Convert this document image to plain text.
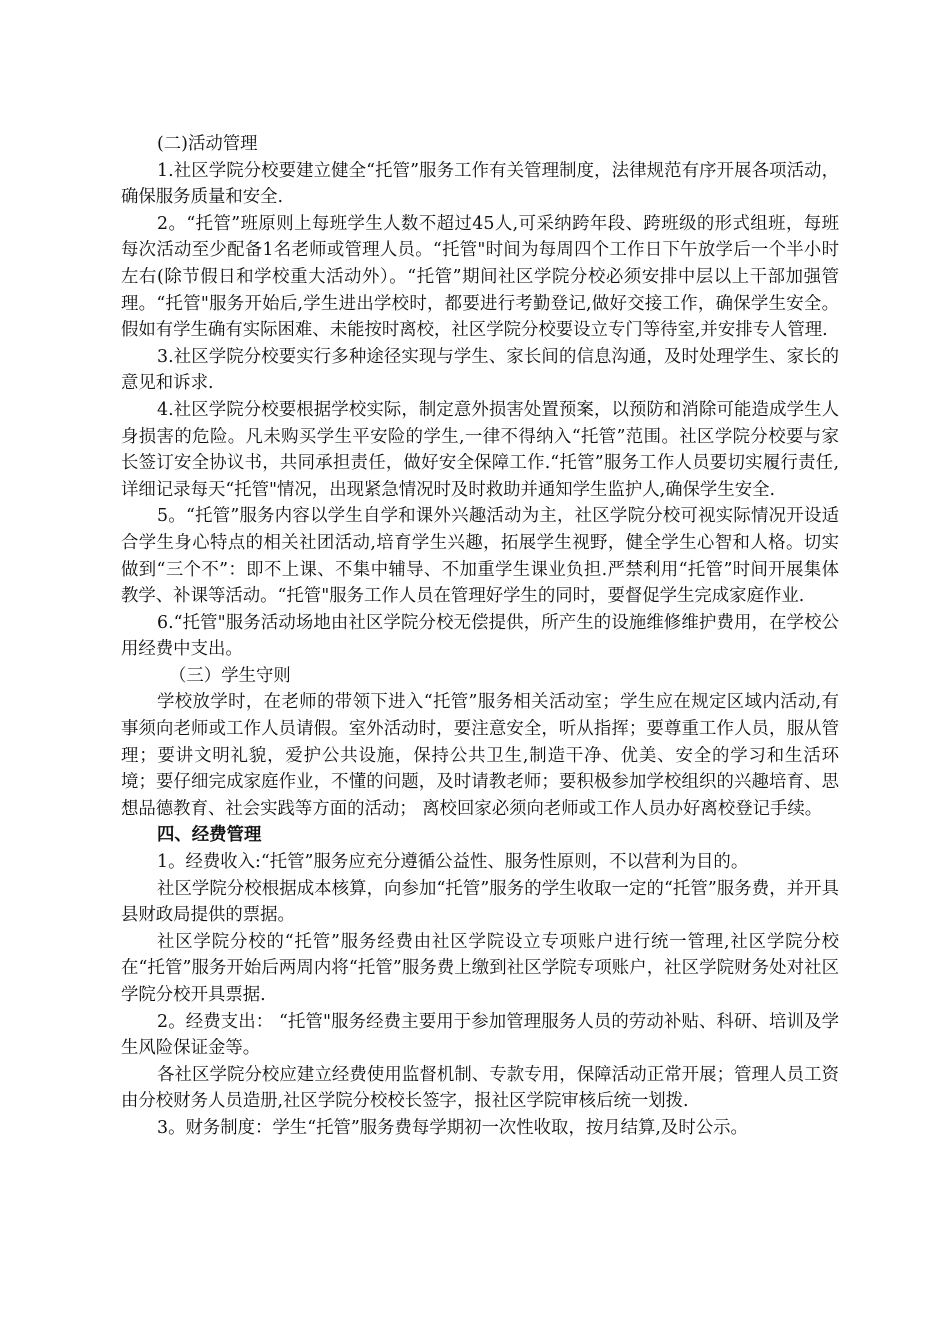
(二)活动管理

1.社区学院分校要建立健全“托管”服务工作有关管理制度，法律规范有序开展各项活动，确保服务质量和安全.

2。“托管”班原则上每班学生人数不超过45人,可采纳跨年段、跨班级的形式组班，每班每次活动至少配备1名老师或管理人员。“托管"时间为每周四个工作日下午放学后一个半小时左右(除节假日和学校重大活动外）。“托管”期间社区学院分校必须安排中层以上干部加强管理。“托管"服务开始后,学生进出学校时，都要进行考勤登记,做好交接工作，确保学生安全。假如有学生确有实际困难、未能按时离校，社区学院分校要设立专门等待室,并安排专人管理.

3.社区学院分校要实行多种途径实现与学生、家长间的信息沟通，及时处理学生、家长的意见和诉求.

4.社区学院分校要根据学校实际，制定意外损害处置预案，以预防和消除可能造成学生人身损害的危险。凡未购买学生平安险的学生,一律不得纳入“托管”范围。社区学院分校要与家长签订安全协议书，共同承担责任，做好安全保障工作.“托管”服务工作人员要切实履行责任,详细记录每天“托管"情况，出现紧急情况时及时救助并通知学生监护人,确保学生安全.

5。“托管”服务内容以学生自学和课外兴趣活动为主，社区学院分校可视实际情况开设适合学生身心特点的相关社团活动,培育学生兴趣，拓展学生视野，健全学生心智和人格。切实做到“三个不”：即不上课、不集中辅导、不加重学生课业负担.严禁利用“托管”时间开展集体教学、补课等活动。“托管"服务工作人员在管理好学生的同时，要督促学生完成家庭作业.

6.“托管"服务活动场地由社区学院分校无偿提供，所产生的设施维修维护费用，在学校公用经费中支出。

（三）学生守则

学校放学时，在老师的带领下进入“托管”服务相关活动室；学生应在规定区域内活动,有事须向老师或工作人员请假。室外活动时，要注意安全，听从指挥；要尊重工作人员，服从管理；要讲文明礼貌，爱护公共设施，保持公共卫生,制造干净、优美、安全的学习和生活环境；要仔细完成家庭作业，不懂的问题，及时请教老师；要积极参加学校组织的兴趣培育、思想品德教育、社会实践等方面的活动； 离校回家必须向老师或工作人员办好离校登记手续。

四、经费管理

1。经费收入:“托管”服务应充分遵循公益性、服务性原则，不以营利为目的。

社区学院分校根据成本核算，向参加“托管”服务的学生收取一定的“托管”服务费，并开具县财政局提供的票据。

社区学院分校的“托管”服务经费由社区学院设立专项账户进行统一管理,社区学院分校在“托管”服务开始后两周内将“托管”服务费上缴到社区学院专项账户，社区学院财务处对社区学院分校开具票据.

2。经费支出： “托管"服务经费主要用于参加管理服务人员的劳动补贴、科研、培训及学生风险保证金等。

各社区学院分校应建立经费使用监督机制、专款专用，保障活动正常开展；管理人员工资由分校财务人员造册,社区学院分校校长签字，报社区学院审核后统一划拨.

3。财务制度：学生“托管”服务费每学期初一次性收取，按月结算,及时公示。
